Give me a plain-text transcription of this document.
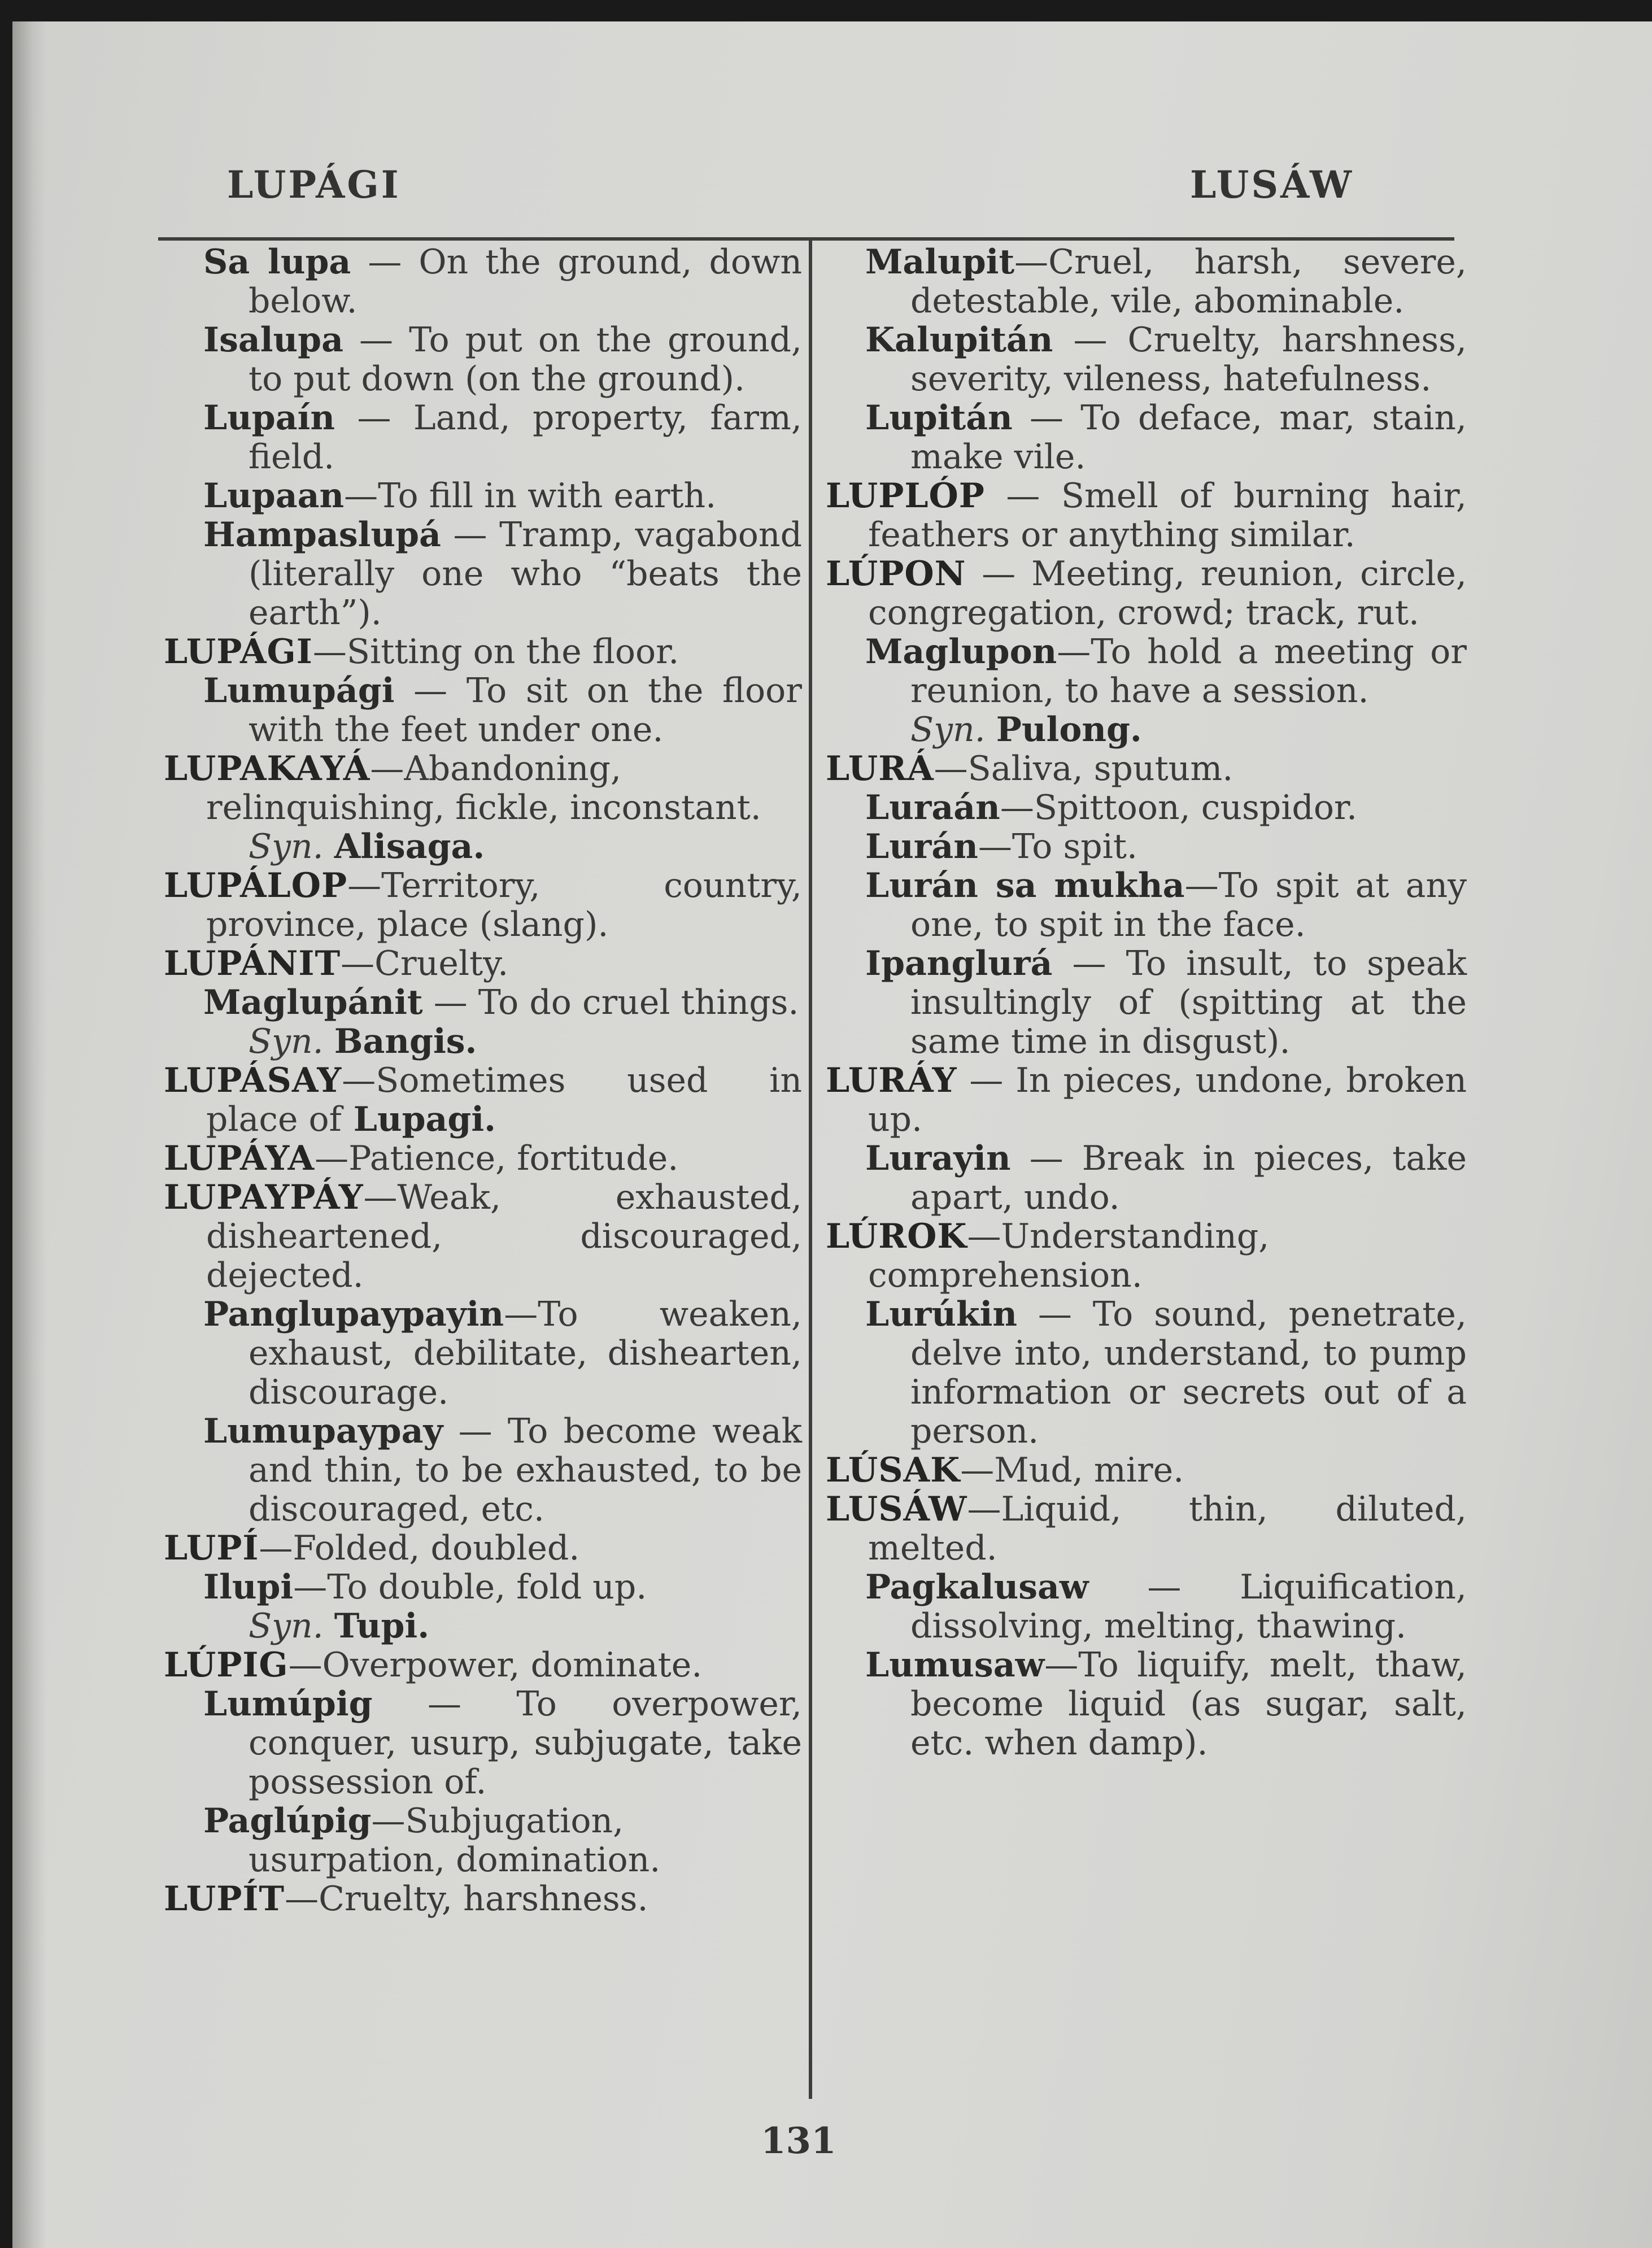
LUPÁGI	LUSÁW

Sa lupa — On the ground, down below.

Isalupa — To put on the ground, to put down (on the ground).

Lupaín — Land, property, farm, field.

Lupaan—To fill in with earth.

Hampaslupá — Tramp, vagabond (literally one who “beats the earth”).

LUPÁGI—Sitting on the floor.

Lumupági — To sit on the floor with the feet under one.

LUPAKAYÁ—Abandoning, relinquishing, fickle, inconstant.

Syn. Alisaga.

LUPÁLOP—Territory, country, province, place (slang).

LUPÁNIT—Cruelty.

Maglupánit — To do cruel things.

Syn. Bangis.

LUPÁSAY—Sometimes used in place of Lupagi.

LUPÁYA—Patience, fortitude.

LUPAYPÁY—Weak, exhausted, disheartened, discouraged, dejected.

Panglupaypayin—To weaken, exhaust, debilitate, dishearten, discourage.

Lumupaypay — To become weak and thin, to be exhausted, to be discouraged, etc.

LUPÍ—Folded, doubled.

Ilupi—To double, fold up.

Syn. Tupi.

LÚPIG—Overpower, dominate.

Lumúpig — To overpower, conquer, usurp, subjugate, take possession of.

Paglúpig—Subjugation, usurpation, domination.

LUPÍT—Cruelty, harshness.

Malupit—Cruel, harsh, severe, detestable, vile, abominable.

Kalupitán — Cruelty, harshness, severity, vileness, hatefulness.

Lupitán — To deface, mar, stain, make vile.

LUPLÓP — Smell of burning hair, feathers or anything similar.

LÚPON — Meeting, reunion, circle, congregation, crowd; track, rut.

Maglupon—To hold a meeting or reunion, to have a session.

Syn. Pulong.

LURÁ—Saliva, sputum.

Luraán—Spittoon, cuspidor.

Lurán—To spit.

Lurán sa mukha—To spit at any one, to spit in the face.

Ipanglurá — To insult, to speak insultingly of (spitting at the same time in disgust).

LURÁY — In pieces, undone, broken up.

Lurayin — Break in pieces, take apart, undo.

LÚROK—Understanding, comprehension.

Lurúkin — To sound, penetrate, delve into, understand, to pump information or secrets out of a person.

LÚSAK—Mud, mire.

LUSÁW—Liquid, thin, diluted, melted.

Pagkalusaw — Liquification, dissolving, melting, thawing.

Lumusaw—To liquify, melt, thaw, become liquid (as sugar, salt, etc. when damp).

131
